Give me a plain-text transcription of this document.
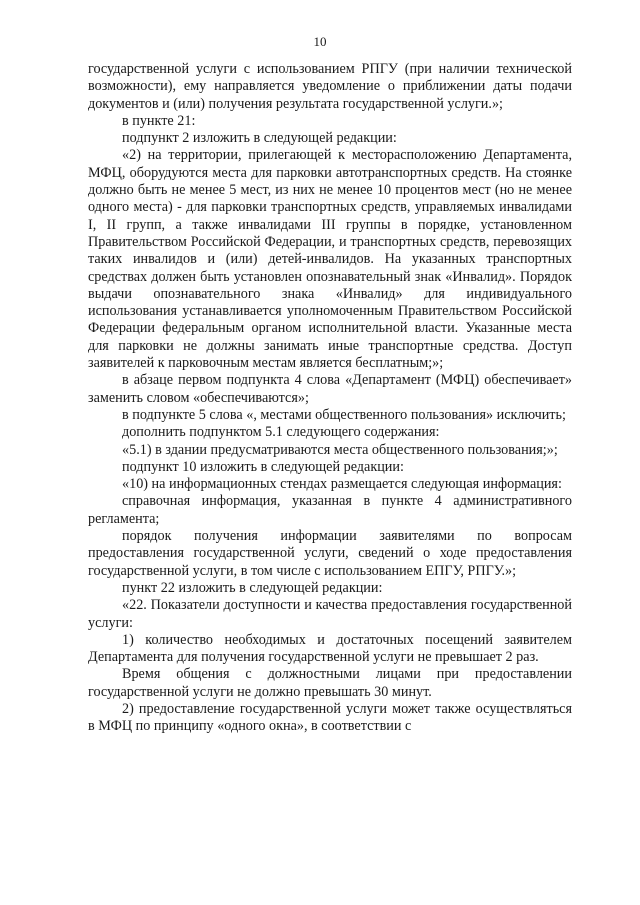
10

государственной услуги с использованием РПГУ (при наличии технической возможности), ему направляется уведомление о приближении даты подачи документов и (или) получения результата государственной услуги.»;

в пункте 21:

подпункт 2 изложить в следующей редакции:

«2) на территории, прилегающей к месторасположению Департамента, МФЦ, оборудуются места для парковки автотранспортных средств. На стоянке должно быть не менее 5 мест, из них не менее 10 процентов мест (но не менее одного места) - для парковки транспортных средств, управляемых инвалидами I, II групп, а также инвалидами III группы в порядке, установленном Правительством Российской Федерации, и транспортных средств, перевозящих таких инвалидов и (или) детей-инвалидов. На указанных транспортных средствах должен быть установлен опознавательный знак «Инвалид». Порядок выдачи опознавательного знака «Инвалид» для индивидуального использования устанавливается уполномоченным Правительством Российской Федерации федеральным органом исполнительной власти. Указанные места для парковки не должны занимать иные транспортные средства. Доступ заявителей к парковочным местам является бесплатным;»;

в абзаце первом подпункта 4 слова «Департамент (МФЦ) обеспечивает» заменить словом «обеспечиваются»;

в подпункте 5 слова «, местами общественного пользования» исключить;

дополнить подпунктом 5.1 следующего содержания:

«5.1) в здании предусматриваются места общественного пользования;»;

подпункт 10 изложить в следующей редакции:

«10) на информационных стендах размещается следующая информация:

справочная информация, указанная в пункте 4 административного регламента;

порядок получения информации заявителями по вопросам предоставления государственной услуги, сведений о ходе предоставления государственной услуги, в том числе с использованием ЕПГУ, РПГУ.»;

пункт 22 изложить в следующей редакции:

«22. Показатели доступности и качества предоставления государственной услуги:

1) количество необходимых и достаточных посещений заявителем Департамента для получения государственной услуги не превышает 2 раз.

Время общения с должностными лицами при предоставлении государственной услуги не должно превышать 30 минут.

2) предоставление государственной услуги может также осуществляться в МФЦ по принципу «одного окна», в соответствии с
